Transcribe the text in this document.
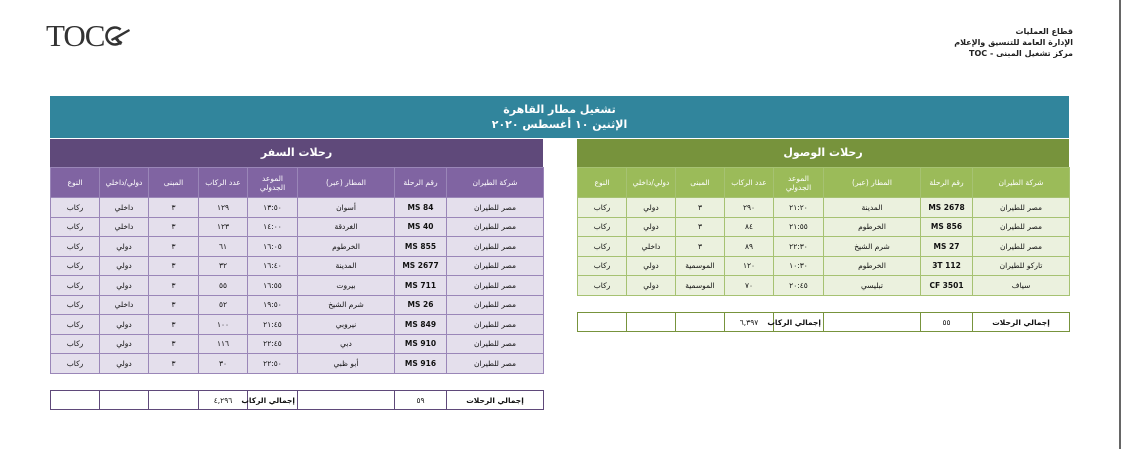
TOC	قطاع العمليات
الإدارة العامة للتنسيق والإعلام
مركز تشغيل المبنى - TOC
تشغيل مطار القاهرة
الإثنين ١٠ أغسطس ٢٠٢٠
رحلات السفر	رحلات الوصول
شركة الطيران	رقم الرحلة	المطار (عبر)	الموعد الجدولي	عدد الركاب	المبنى	دولي/داخلي	النوع
مصر للطيران	MS 84	أسوان	١٣:٥٠	١٢٩	٣	داخلي	ركاب
مصر للطيران	MS 40	الغردقة	١٤:٠٠	١٢٣	٣	داخلي	ركاب
مصر للطيران	MS 855	الخرطوم	١٦:٠٥	٦١	٣	دولي	ركاب
مصر للطيران	MS 2677	المدينة	١٦:٤٠	٣٢	٣	دولي	ركاب
مصر للطيران	MS 711	بيروت	١٦:٥٥	٥٥	٣	دولي	ركاب
مصر للطيران	MS 26	شرم الشيخ	١٩:٥٠	٥٢	٣	داخلي	ركاب
مصر للطيران	MS 849	نيروبي	٢١:٤٥	١٠٠	٣	دولي	ركاب
مصر للطيران	MS 910	دبي	٢٢:٤٥	١١٦	٣	دولي	ركاب
مصر للطيران	MS 916	أبو ظبي	٢٢:٥٠	٣٠	٣	دولي	ركاب
شركة الطيران	رقم الرحلة	المطار (عبر)	الموعد الجدولي	عدد الركاب	المبنى	دولي/داخلي	النوع
مصر للطيران	MS 2678	المدينة	٢١:٢٠	٢٩٠	٣	دولي	ركاب
مصر للطيران	MS 856	الخرطوم	٢١:٥٥	٨٤	٣	دولي	ركاب
مصر للطيران	MS 27	شرم الشيخ	٢٢:٣٠	٨٩	٣	داخلي	ركاب
تاركو للطيران	3T 112	الخرطوم	١٠:٣٠	١٢٠	الموسمية	دولي	ركاب
سياف	CF 3501	تبليسي	٢٠:٤٥	٧٠	الموسمية	دولي	ركاب
إجمالي الرحلات	٥٩		إجمالي الركاب	٤,٢٩٦			
إجمالي الرحلات	٥٥		إجمالي الركاب	٦,٣٩٧			
